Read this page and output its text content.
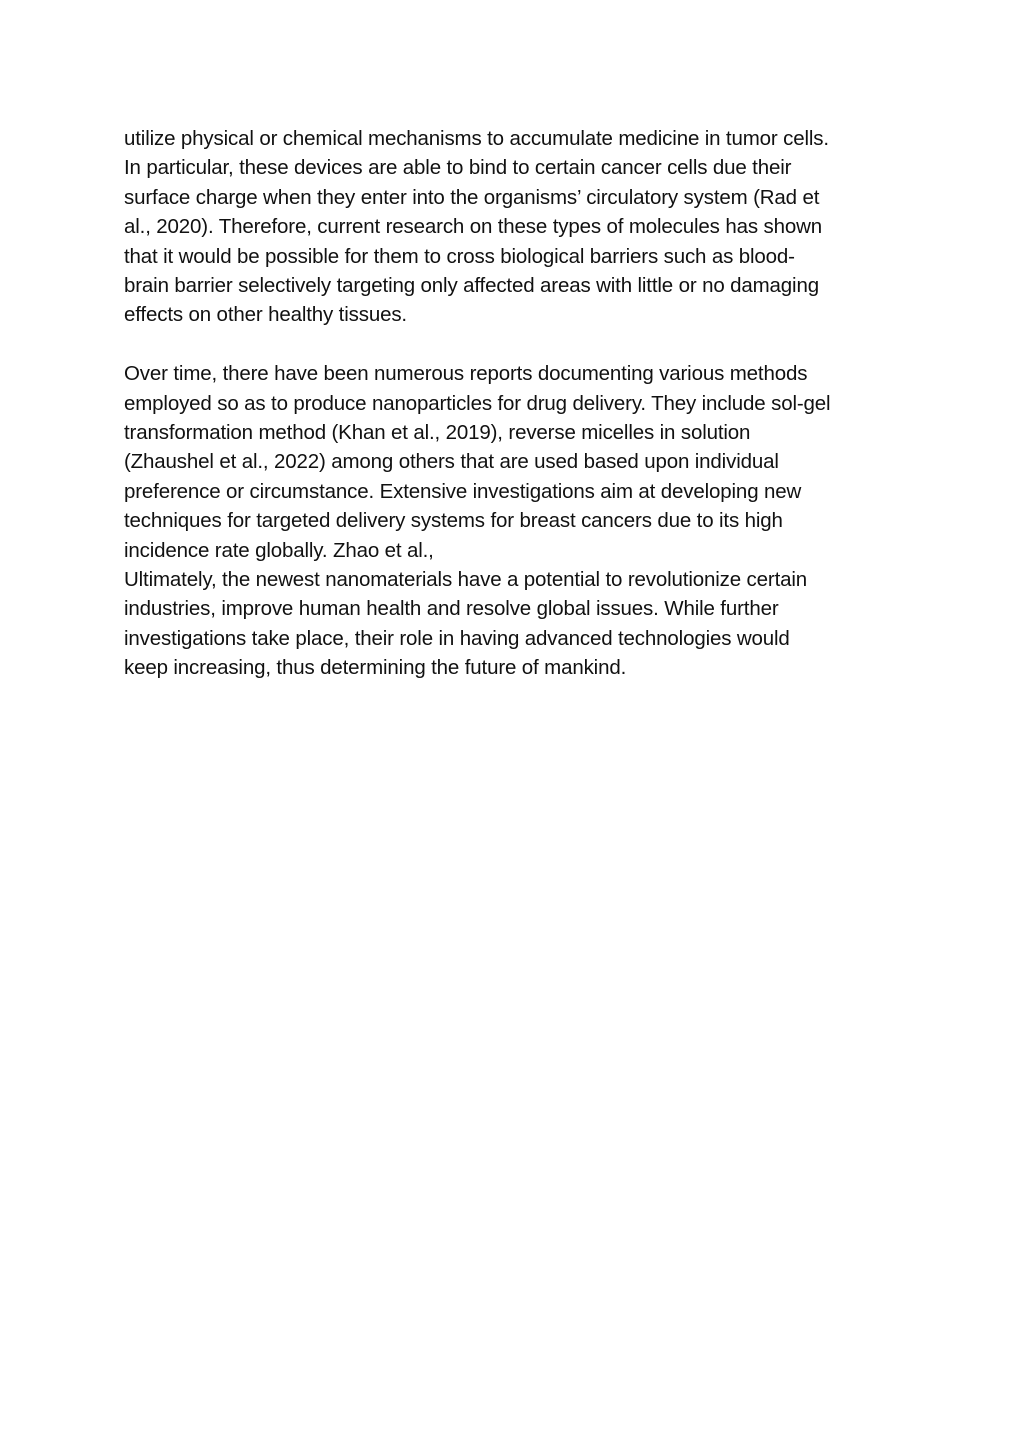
utilize physical or chemical mechanisms to accumulate medicine in tumor cells.
In particular, these devices are able to bind to certain cancer cells due their
surface charge when they enter into the organisms’ circulatory system (Rad et
al., 2020). Therefore, current research on these types of molecules has shown
that it would be possible for them to cross biological barriers such as blood-
brain barrier selectively targeting only affected areas with little or no damaging
effects on other healthy tissues.

Over time, there have been numerous reports documenting various methods
employed so as to produce nanoparticles for drug delivery. They include sol-gel
transformation method (Khan et al., 2019), reverse micelles in solution
(Zhaushel et al., 2022) among others that are used based upon individual
preference or circumstance. Extensive investigations aim at developing new
techniques for targeted delivery systems for breast cancers due to its high
incidence rate globally. Zhao et al.,

Ultimately, the newest nanomaterials have a potential to revolutionize certain
industries, improve human health and resolve global issues. While further
investigations take place, their role in having advanced technologies would
keep increasing, thus determining the future of mankind.
